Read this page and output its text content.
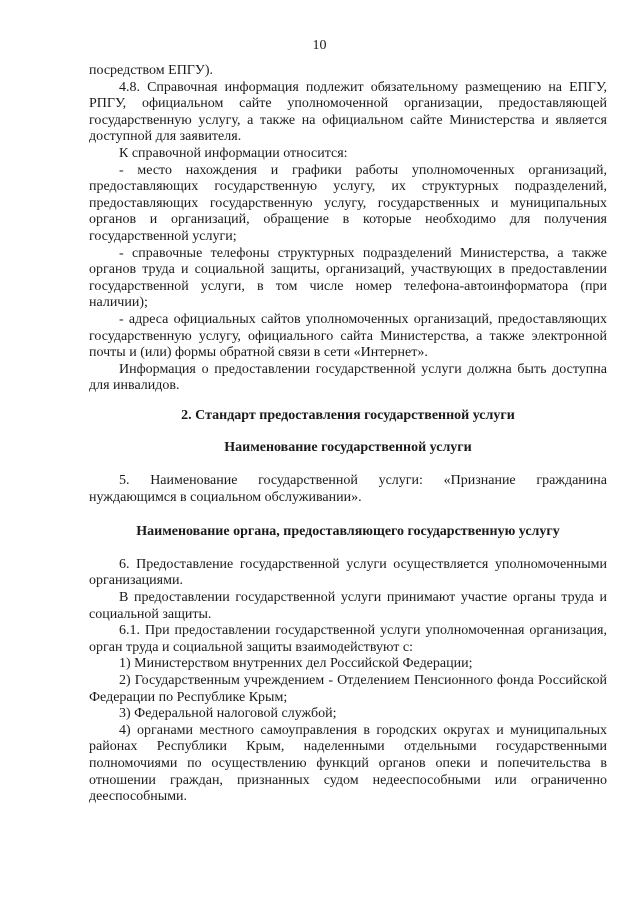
10

посредством ЕПГУ).

4.8. Справочная информация подлежит обязательному размещению на ЕПГУ, РПГУ, официальном сайте уполномоченной организации, предоставляющей государственную услугу, а также на официальном сайте Министерства и является доступной для заявителя.

К справочной информации относится:

- место нахождения и графики работы уполномоченных организаций, предоставляющих государственную услугу, их структурных подразделений, предоставляющих государственную услугу, государственных и муниципальных органов и организаций, обращение в которые необходимо для получения государственной услуги;

- справочные телефоны структурных подразделений Министерства, а также органов труда и социальной защиты, организаций, участвующих в предоставлении государственной услуги, в том числе номер телефона-автоинформатора (при наличии);

- адреса официальных сайтов уполномоченных организаций, предоставляющих государственную услугу, официального сайта Министерства, а также электронной почты и (или) формы обратной связи в сети «Интернет».

Информация о предоставлении государственной услуги должна быть доступна для инвалидов.

2. Стандарт предоставления государственной услуги

Наименование государственной услуги

5. Наименование государственной услуги: «Признание гражданина нуждающимся в социальном обслуживании».

Наименование органа, предоставляющего государственную услугу

6. Предоставление государственной услуги осуществляется уполномоченными организациями.

В предоставлении государственной услуги принимают участие органы труда и социальной защиты.

6.1. При предоставлении государственной услуги уполномоченная организация, орган труда и социальной защиты взаимодействуют с:

1) Министерством внутренних дел Российской Федерации;

2) Государственным учреждением - Отделением Пенсионного фонда Российской Федерации по Республике Крым;

3) Федеральной налоговой службой;

4) органами местного самоуправления в городских округах и муниципальных районах Республики Крым, наделенными отдельными государственными полномочиями по осуществлению функций органов опеки и попечительства в отношении граждан, признанных судом недееспособными или ограниченно дееспособными.
